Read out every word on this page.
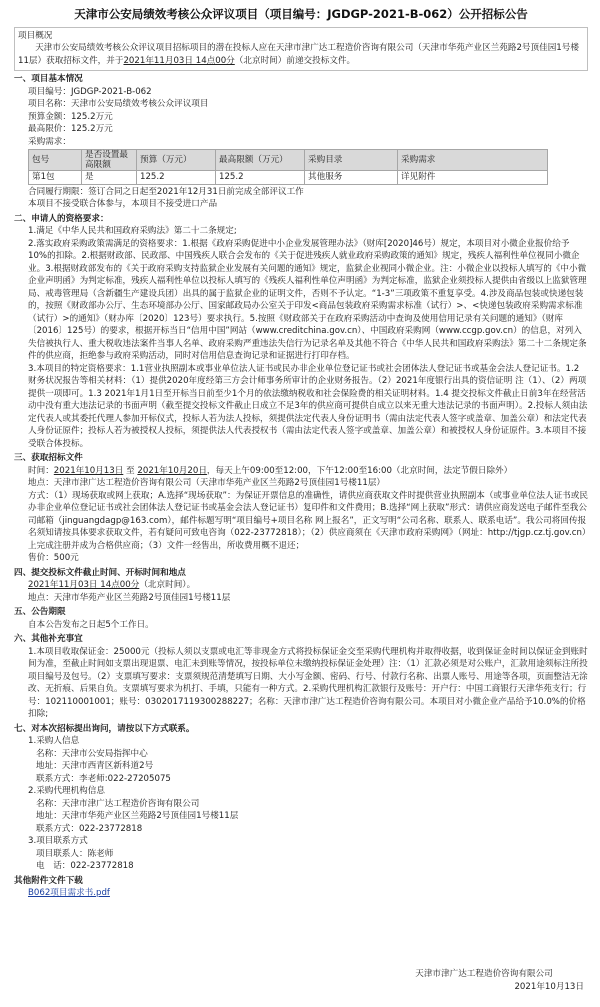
天津市公安局绩效考核公众评议项目（项目编号：JGDGP-2021-B-062）公开招标公告
项目概况
天津市公安局绩效考核公众评议项目招标项目的潜在投标人应在天津市津广达工程造价咨询有限公司（天津市华苑产业区兰苑路2号顶佳园1号楼11层）获取招标文件，并于2021年11月03日 14点00分（北京时间）前递交投标文件。
一、项目基本情况
项目编号：JGDGP-2021-B-062
项目名称：天津市公安局绩效考核公众评议项目
预算金额：125.2万元
最高限价：125.2万元
采购需求：
包号	是否设置最高限额	预算（万元）	最高限额（万元）	采购目录	采购需求
第1包	是	125.2	125.2	其他服务	详见附件
合同履行期限：签订合同之日起至2021年12月31日前完成全部评议工作
本项目不接受联合体参与，本项目不接受进口产品
二、申请人的资格要求：
1.满足《中华人民共和国政府采购法》第二十二条规定;
2.落实政府采购政策需满足的资格要求：1.根据《政府采购促进中小企业发展管理办法》（财库[2020]46号）规定，本项目对小微企业报价给予10%的扣除。2.根据财政部、民政部、中国残疾人联合会发布的《关于促进残疾人就业政府采购政策的通知》规定，残疾人福利性单位视同小微企业。3.根据财政部发布的《关于政府采购支持监狱企业发展有关问题的通知》规定，监狱企业视同小微企业。注：小微企业以投标人填写的《中小微企业声明函》为判定标准，残疾人福利性单位以投标人填写的《残疾人福利性单位声明函》为判定标准，监狱企业须投标人提供由省级以上监狱管理局、戒毒管理局（含新疆生产建设兵团）出具的属于监狱企业的证明文件，否则不予认定。“1-3”三项政策不重复享受。4.涉及商品包装或快递包装的，按照《财政部办公厅、生态环境部办公厅、国家邮政局办公室关于印发<商品包装政府采购需求标准（试行）>、<快递包装政府采购需求标准（试行）>的通知》（财办库〔2020〕123号）要求执行。5.按照《财政部关于在政府采购活动中查询及使用信用记录有关问题的通知》（财库〔2016〕125号）的要求，根据开标当日“信用中国”网站（www.creditchina.gov.cn）、中国政府采购网（www.ccgp.gov.cn）的信息，对列入失信被执行人、重大税收违法案件当事人名单、政府采购严重违法失信行为记录名单及其他不符合《中华人民共和国政府采购法》第二十二条规定条件的供应商，拒绝参与政府采购活动，同时对信用信息查询记录和证据进行打印存档。
3.本项目的特定资格要求：1.1营业执照副本或事业单位法人证书或民办非企业单位登记证书或社会团体法人登记证书或基金会法人登记证书。1.2 财务状况报告等相关材料：（1）提供2020年度经第三方会计师事务所审计的企业财务报告。（2）2021年度银行出具的资信证明 注（1）、（2）两项提供一项即可。1.3 2021年1月1日至开标当日前至少1个月的依法缴纳税收和社会保险费的相关证明材料。1.4 提交投标文件截止日前3年在经营活动中没有重大违法记录的书面声明（截至提交投标文件截止日成立不足3年的供应商可提供自成立以来无重大违法记录的书面声明）。2.投标人须由法定代表人或其委托代理人参加开标仪式，投标人若为法人投标，须提供法定代表人身份证明书（需由法定代表人签字或盖章、加盖公章）和法定代表人身份证原件；投标人若为被授权人投标，须提供法人代表授权书（需由法定代表人签字或盖章、加盖公章）和被授权人身份证原件。3.本项目不接受联合体投标。
三、获取招标文件
时间：2021年10月13日 至 2021年10月20日，每天上午09:00至12:00，下午12:00至16:00（北京时间，法定节假日除外）
地点：天津市津广达工程造价咨询有限公司（天津市华苑产业区兰苑路2号顶佳园1号楼11层）
方式：（1）现场获取或网上获取；A.选择“现场获取”：为保证开票信息的准确性，请供应商获取文件时提供营业执照副本（或事业单位法人证书或民办非企业单位登记证书或社会团体法人登记证书或基金会法人登记证书）复印件和文件费用；B.选择“网上获取”形式：请供应商发送电子邮件至我公司邮箱（jinguangdagp@163.com），邮件标题写明“项目编号+项目名称 网上报名”，正文写明“公司名称、联系人、联系电话”。我公司将回传报名须知请按具体要求获取文件，若有疑问可致电咨询（022-23772818）；（2）供应商须在《天津市政府采购网》（网址：http://tjgp.cz.tj.gov.cn）上完成注册并成为合格供应商；（3）文件一经售出，所收费用概不退还；
售价：500元
四、提交投标文件截止时间、开标时间和地点
2021年11月03日 14点00分（北京时间）。
地点：天津市华苑产业区兰苑路2号顶佳园1号楼11层
五、公告期限
自本公告发布之日起5个工作日。
六、其他补充事宜
1.本项目收取保证金：25000元（投标人须以支票或电汇等非现金方式将投标保证金交至采购代理机构并取得收据，收到保证金时间以保证金到账时间为准，至截止时间如支票出现退票、电汇未到账等情况，按投标单位未缴纳投标保证金处理）注：（1）汇款必须是对公账户，汇款用途须标注所投项目编号及包号。（2）支票填写要求：支票须规范清楚填写日期、大小写金额、密码、行号、付款行名称、出票人账号、用途等各项，页面整洁无涂改、无折痕、后果自负。支票填写要求为机打、手填，只能有一种方式。2.采购代理机构汇款银行及账号：开户行：中国工商银行天津华苑支行；行号：102110001001；账号：0302017119300288227；名称：天津市津广达工程造价咨询有限公司。本项目对小微企业产品给予10.0%的价格扣除;
七、对本次招标提出询问，请按以下方式联系。
1.采购人信息
名称：天津市公安局指挥中心
地址：天津市西青区新科道2号
联系方式：李老师:022-27205075
2.采购代理机构信息
名称：天津市津广达工程造价咨询有限公司
地址：天津市华苑产业区兰苑路2号顶佳园1号楼11层
联系方式：022-23772818
3.项目联系方式
项目联系人：陈老师
电　话：022-23772818
其他附件文件下载
B062项目需求书.pdf
天津市津广达工程造价咨询有限公司
2021年10月13日
